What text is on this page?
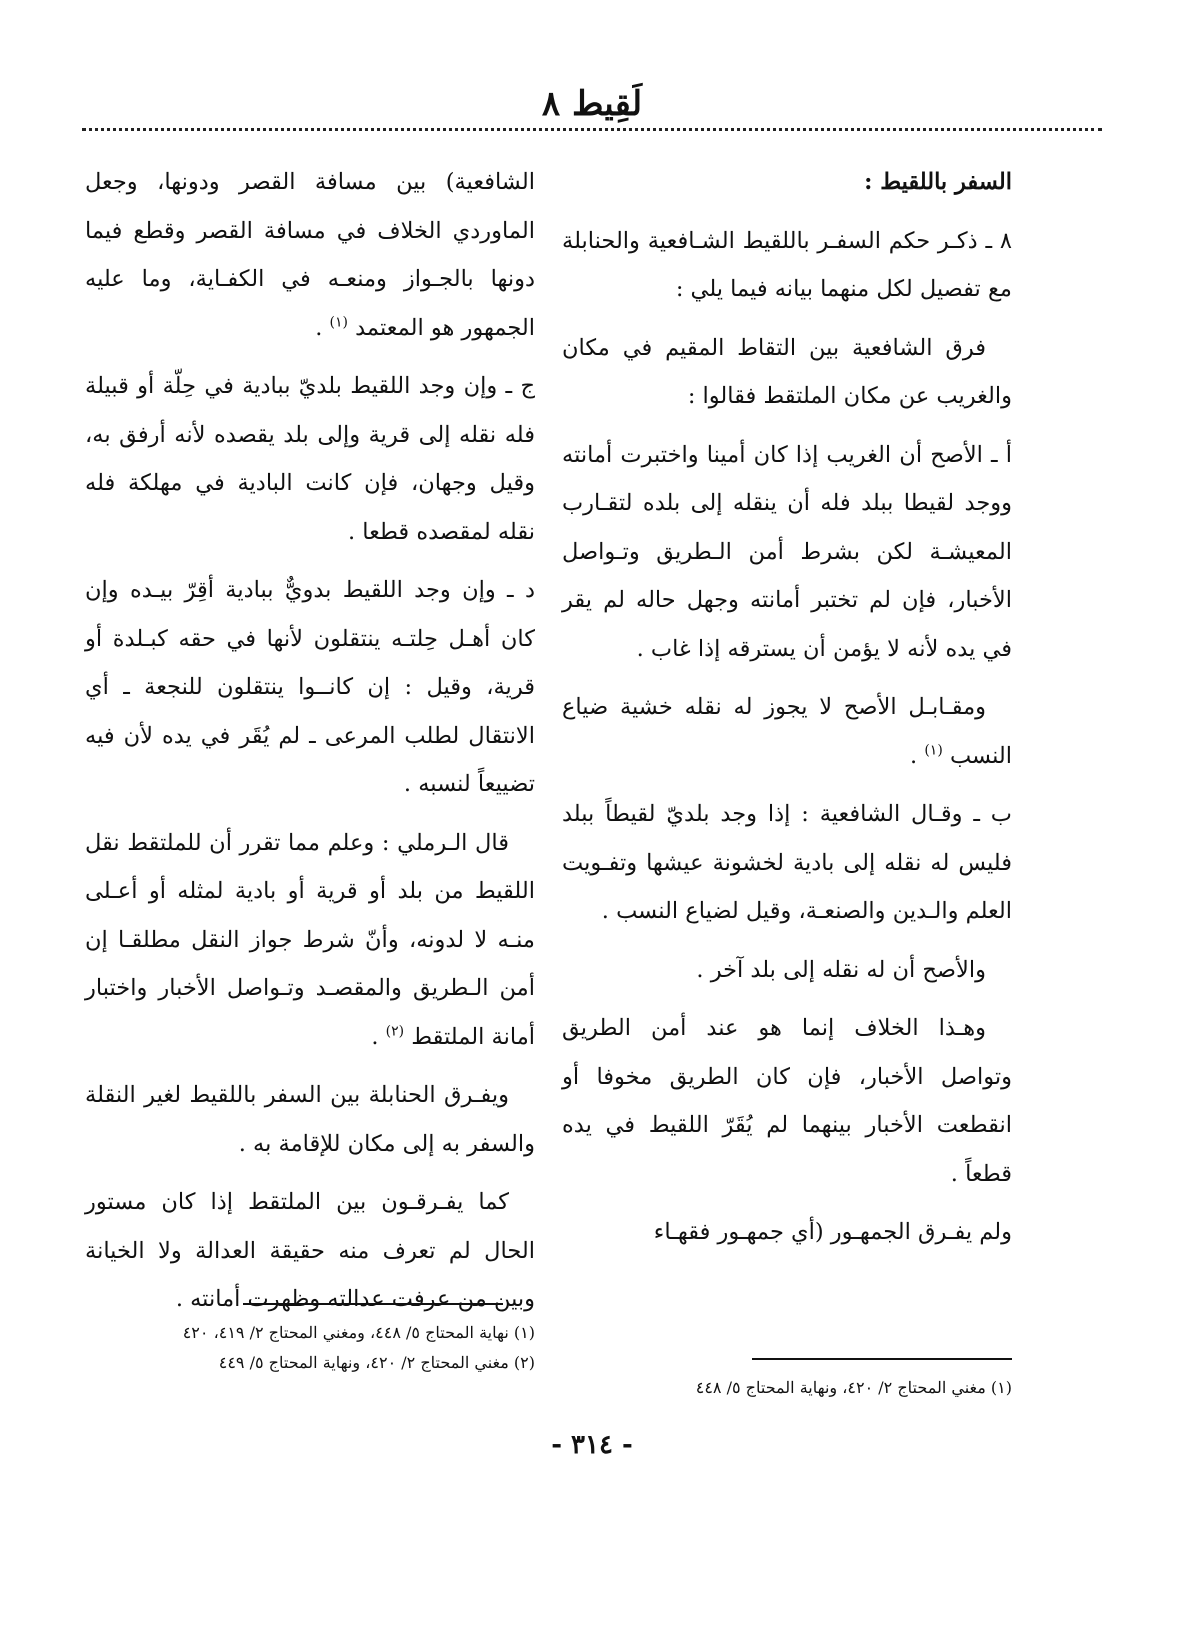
لَقِيط ٨

السفر باللقيط :

٨ ـ ذكـر حكم السفـر باللقيط الشـافعية والحنابلة مع تفصيل لكل منهما بيانه فيما يلي :

فرق الشافعية بين التقاط المقيم في مكان والغريب عن مكان الملتقط فقالوا :

أ ـ الأصح أن الغريب إذا كان أمينا واختبرت أمانته ووجد لقيطا ببلد فله أن ينقله إلى بلده لتقـارب المعيشـة لكن بشرط أمن الـطريق وتـواصل الأخبار، فإن لم تختبر أمانته وجهل حاله لم يقر في يده لأنه لا يؤمن أن يسترقه إذا غاب .

ومقـابـل الأصح لا يجوز له نقله خشية ضياع النسب $^{(١)}$ .

ب ـ وقـال الشافعية : إذا وجد بلديّ لقيطاً ببلد فليس له نقله إلى بادية لخشونة عيشها وتفـويت العلم والـدين والصنعـة، وقيل لضياع النسب .

والأصح أن له نقله إلى بلد آخر .

وهـذا الخلاف إنما هو عند أمن الطريق وتواصل الأخبار، فإن كان الطريق مخوفا أو انقطعت الأخبار بينهما لم يُقَرّ اللقيط في يده قطعاً .

ولم يفـرق الجمهـور (أي جمهـور فقهـاء

الشافعية) بين مسافة القصر ودونها، وجعل الماوردي الخلاف في مسافة القصر وقطع فيما دونها بالجـواز ومنعـه في الكفـاية، وما عليه الجمهور هو المعتمد $^{(١)}$ .

ج ـ وإن وجد اللقيط بلديّ ببادية في حِلّة أو قبيلة فله نقله إلى قرية وإلى بلد يقصده لأنه أرفق به، وقيل وجهان، فإن كانت البادية في مهلكة فله نقله لمقصده قطعا .

د ـ وإن وجد اللقيط بدويٌّ ببادية أقِرّ بيـده وإن كان أهـل حِلتـه ينتقلون لأنها في حقه كبـلدة أو قرية، وقيل : إن كانــوا ينتقلون للنجعة ـ أي الانتقال لطلب المرعى ـ لم يُقَر في يده لأن فيه تضييعاً لنسبه .

قال الـرملي : وعلم مما تقرر أن للملتقط نقل اللقيط من بلد أو قرية أو بادية لمثله أو أعـلى منـه لا لدونه، وأنّ شرط جواز النقل مطلقـا إن أمن الـطريق والمقصـد وتـواصل الأخبار واختبار أمانة الملتقط $^{(٢)}$ .

ويفـرق الحنابلة بين السفر باللقيط لغير النقلة والسفر به إلى مكان للإقامة به .

كما يفـرقـون بين الملتقط إذا كان مستور الحال لم تعرف منه حقيقة العدالة ولا الخيانة وبين من عرفت عدالته وظهرت أمانته .

(١) مغني المحتاج ٢/ ٤٢٠، ونهاية المحتاج ٥/ ٤٤٨
(١) نهاية المحتاج ٥/ ٤٤٨، ومغني المحتاج ٢/ ٤١٩، ٤٢٠
(٢) مغني المحتاج ٢/ ٤٢٠، ونهاية المحتاج ٥/ ٤٤٩
- ٣١٤ -
